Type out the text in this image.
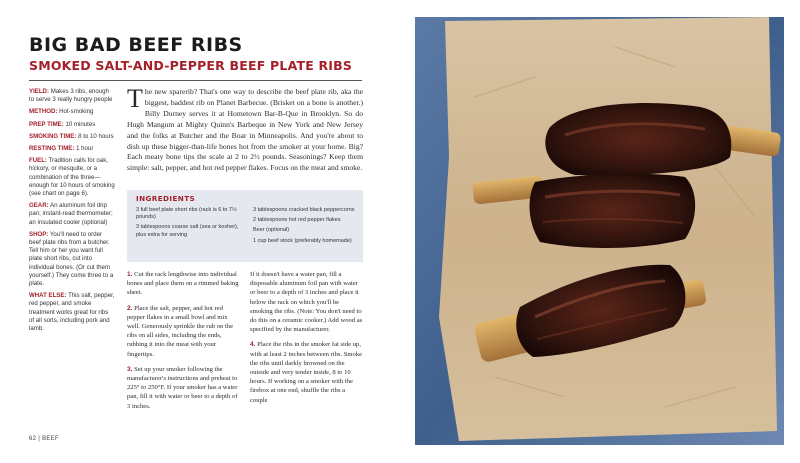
BIG BAD BEEF RIBS
SMOKED SALT-AND-PEPPER BEEF PLATE RIBS

YIELD: Makes 3 ribs, enough to serve 3 really hungry people

METHOD: Hot-smoking

PREP TIME: 10 minutes

SMOKING TIME: 8 to 10 hours

RESTING TIME: 1 hour

FUEL: Tradition calls for oak, hickory, or mesquite, or a combination of the three—enough for 10 hours of smoking (see chart on page 6).

GEAR: An aluminum foil drip pan; instant-read thermometer; an insulated cooler (optional)

SHOP: You'll need to order beef plate ribs from a butcher. Tell him or her you want full plate short ribs, cut into individual bones. (Or cut them yourself.) They come three to a plate.

WHAT ELSE: This salt, pepper, red pepper, and smoke treatment works great for ribs of all sorts, including pork and lamb.

The new sparerib? That's one way to describe the beef plate rib, aka the biggest, baddest rib on Planet Barbecue. (Brisket on a bone is another.) Billy Durney serves it at Hometown Bar-B-Que in Brooklyn. So do Hugh Mangum at Mighty Quinn's Barbeque in New York and New Jersey and the folks at Butcher and the Boar in Minneapolis. And you're about to dish up these bigger-than-life bones hot from the smoker at your home. Big? Each meaty bone tips the scale at 2 to 2½ pounds. Seasonings? Keep them simple: salt, pepper, and hot red pepper flakes. Focus on the meat and smoke.
INGREDIENTS
3 full beef plate short ribs (rack is 6 to 7½ pounds)
3 tablespoons coarse salt (sea or kosher), plus extra for serving
3 tablespoons cracked black peppercorns
2 tablespoons hot red pepper flakes
Beer (optional)
1 cup beef stock (preferably homemade)

1. Cut the rack lengthwise into individual bones and place them on a rimmed baking sheet.

2. Place the salt, pepper, and hot red pepper flakes in a small bowl and mix well. Generously sprinkle the rub on the ribs on all sides, including the ends, rubbing it into the meat with your fingertips.

3. Set up your smoker following the manufacturer's instructions and preheat to 225° to 250°F. If your smoker has a water pan, fill it with water or beer to a depth of 3 inches.

If it doesn't have a water pan, fill a disposable aluminum foil pan with water or beer to a depth of 3 inches and place it below the rack on which you'll be smoking the ribs. (Note: You don't need to do this on a ceramic cooker.) Add wood as specified by the manufacturer.

4. Place the ribs in the smoker fat side up, with at least 2 inches between ribs. Smoke the ribs until darkly browned on the outside and very tender inside, 8 to 10 hours. If working on a smoker with the firebox at one end, shuffle the ribs a couple

62 | BEEF
